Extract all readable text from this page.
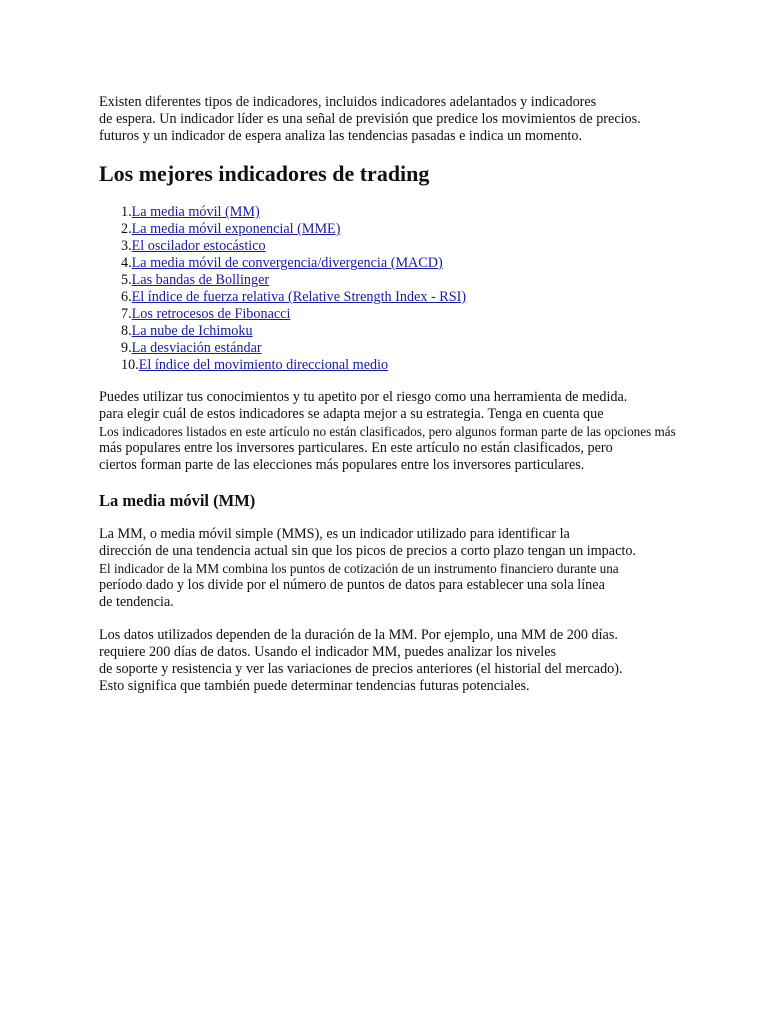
Existen diferentes tipos de indicadores, incluidos indicadores adelantados y indicadores
de espera. Un indicador líder es una señal de previsión que predice los movimientos de precios.
futuros y un indicador de espera analiza las tendencias pasadas e indica un momento.

Los mejores indicadores de trading
1.La media móvil (MM)
2.La media móvil exponencial (MME)
3.El oscilador estocástico
4.La media móvil de convergencia/divergencia (MACD)
5.Las bandas de Bollinger
6.El índice de fuerza relativa (Relative Strength Index - RSI)
7.Los retrocesos de Fibonacci
8.La nube de Ichimoku
9.La desviación estándar
10.El índice del movimiento direccional medio

Puedes utilizar tus conocimientos y tu apetito por el riesgo como una herramienta de medida.
para elegir cuál de estos indicadores se adapta mejor a su estrategia. Tenga en cuenta que
Los indicadores listados en este artículo no están clasificados, pero algunos forman parte de las opciones más
más populares entre los inversores particulares. En este artículo no están clasificados, pero
ciertos forman parte de las elecciones más populares entre los inversores particulares.

La media móvil (MM)

La MM, o media móvil simple (MMS), es un indicador utilizado para identificar la
dirección de una tendencia actual sin que los picos de precios a corto plazo tengan un impacto.
El indicador de la MM combina los puntos de cotización de un instrumento financiero durante una
período dado y los divide por el número de puntos de datos para establecer una sola línea
de tendencia.

Los datos utilizados dependen de la duración de la MM. Por ejemplo, una MM de 200 días.
requiere 200 días de datos. Usando el indicador MM, puedes analizar los niveles
de soporte y resistencia y ver las variaciones de precios anteriores (el historial del mercado).
Esto significa que también puede determinar tendencias futuras potenciales.
